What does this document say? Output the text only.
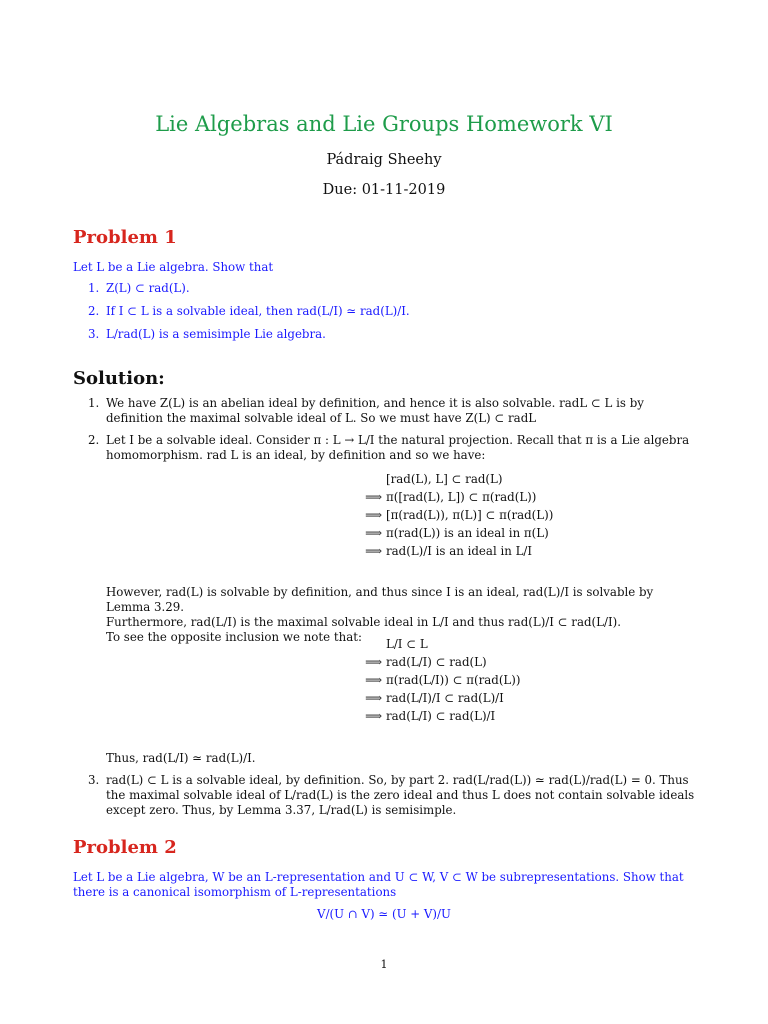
Lie Algebras and Lie Groups Homework VI
Pádraig Sheehy
Due: 01-11-2019
Problem 1
Let L be a Lie algebra. Show that
1. Z(L) ⊂ rad(L).
2. If I ⊂ L is a solvable ideal, then rad(L/I) ≃ rad(L)/I.
3. L/rad(L) is a semisimple Lie algebra.
Solution:
1. We have Z(L) is an abelian ideal by definition, and hence it is also solvable. radL ⊂ L is by definition the maximal solvable ideal of L. So we must have Z(L) ⊂ radL
2. Let I be a solvable ideal. Consider π : L → L/I the natural projection. Recall that π is a Lie algebra homomorphism. rad L is an ideal, by definition and so we have:
[rad(L), L] ⊂ rad(L)
⟹ π([rad(L), L]) ⊂ π(rad(L))
⟹ [π(rad(L)), π(L)] ⊂ π(rad(L))
⟹ π(rad(L)) is an ideal in π(L)
⟹ rad(L)/I is an ideal in L/I
However, rad(L) is solvable by definition, and thus since I is an ideal, rad(L)/I is solvable by Lemma 3.29.
Furthermore, rad(L/I) is the maximal solvable ideal in L/I and thus rad(L)/I ⊂ rad(L/I).
To see the opposite inclusion we note that:	L/I ⊂ L
⟹ rad(L/I) ⊂ rad(L)
⟹ π(rad(L/I)) ⊂ π(rad(L))
⟹ rad(L/I)/I ⊂ rad(L)/I
⟹ rad(L/I) ⊂ rad(L)/I
Thus, rad(L/I) ≃ rad(L)/I.
3. rad(L) ⊂ L is a solvable ideal, by definition. So, by part 2. rad(L/rad(L)) ≃ rad(L)/rad(L) = 0. Thus the maximal solvable ideal of L/rad(L) is the zero ideal and thus L does not contain solvable ideals except zero. Thus, by Lemma 3.37, L/rad(L) is semisimple.
Problem 2
Let L be a Lie algebra, W be an L-representation and U ⊂ W, V ⊂ W be subrepresentations. Show that there is a canonical isomorphism of L-representations
V/(U ∩ V) ≃ (U + V)/U
1
